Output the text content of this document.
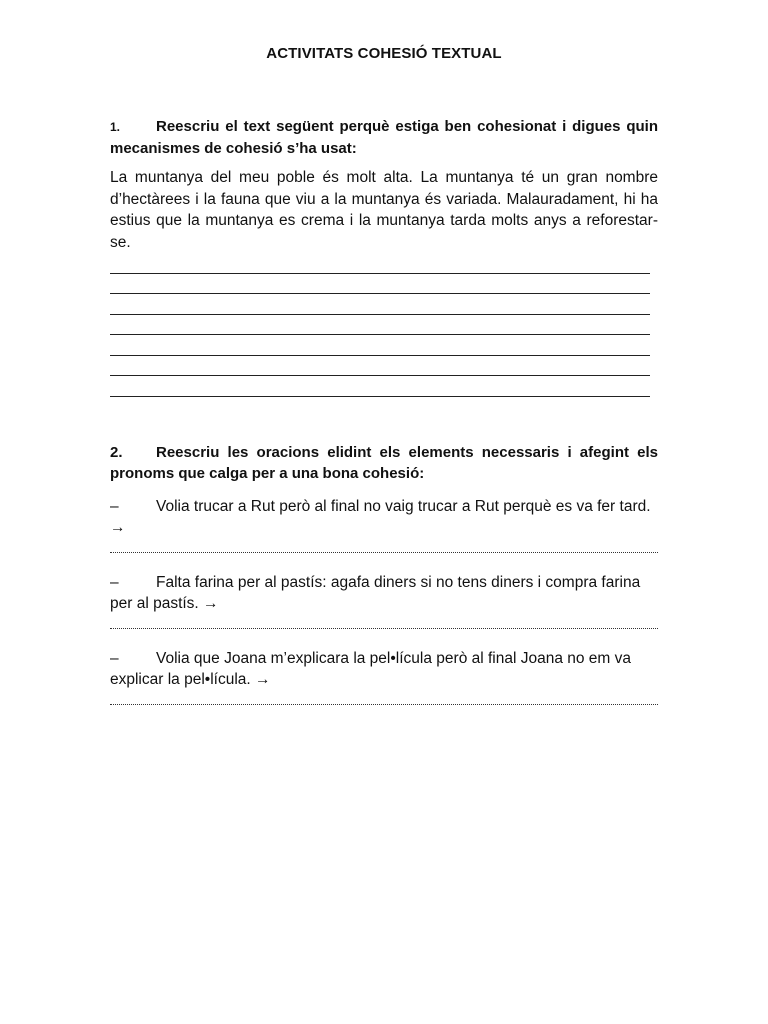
ACTIVITATS COHESIÓ TEXTUAL
1. Reescriu el text següent perquè estiga ben cohesionat i digues quin mecanismes de cohesió s’ha usat:
La muntanya del meu poble és molt alta. La muntanya té un gran nombre d’hectàrees i la fauna que viu a la muntanya és variada. Malauradament, hi ha estius que la muntanya es crema i la muntanya tarda molts anys a reforestar-se.
2. Reescriu les oracions elidint els elements necessaris i afegint els pronoms que calga per a una bona cohesió:
– Volia trucar a Rut però al final no vaig trucar a Rut perquè es va fer tard. →
– Falta farina per al pastís: agafa diners si no tens diners i compra farina per al pastís. →
– Volia que Joana m’explicara la pel•lícula però al final Joana no em va explicar la pel•lícula. →
